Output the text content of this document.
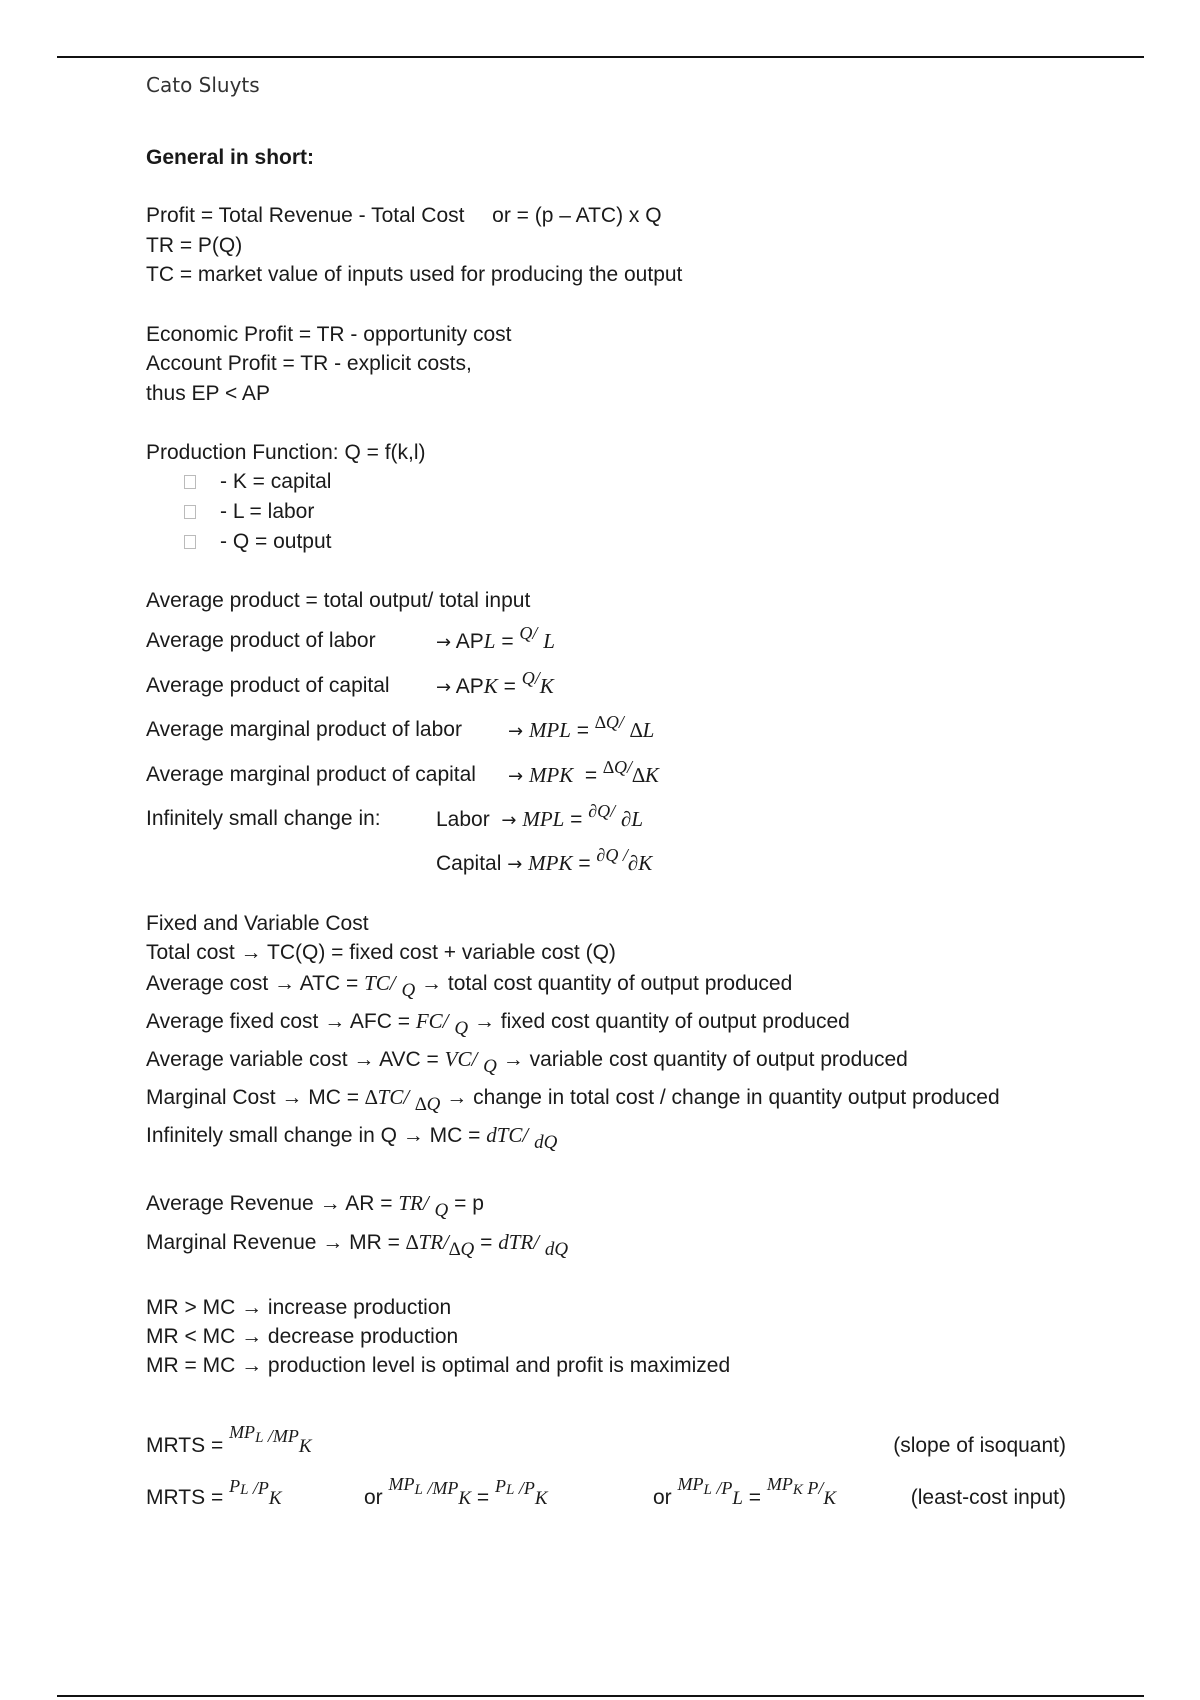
Cato Sluyts
General in short:
Profit = Total Revenue - Total Cost or = (p – ATC) x Q
TR = P(Q)
TC = market value of inputs used for producing the output
Economic Profit = TR - opportunity cost
Account Profit = TR - explicit costs,
thus EP < AP
Production Function: Q = f(k,l)
- K = capital
- L = labor
- Q = output
Average product = total output/ total input
Average product of labor	→ APL = Q/ L
Average product of capital	→ APK = Q/K
Average marginal product of labor	→ MPL = ∆Q/ ∆L
Average marginal product of capital → MPK  = ∆Q/∆K
Infinitely small change in:	Labor → MPL = ∂Q/ ∂L
Capital → MPK = ∂Q /∂K
Fixed and Variable Cost
Total cost → TC(Q) = fixed cost + variable cost (Q)
Average cost → ATC = TC/ Q → total cost quantity of output produced
Average fixed cost → AFC = FC/ Q → fixed cost quantity of output produced
Average variable cost → AVC = VC/ Q → variable cost quantity of output produced
Marginal Cost → MC = ∆TC/ ∆Q → change in total cost / change in quantity output produced
Infinitely small change in Q → MC = dTC/ dQ
Average Revenue → AR = TR/ Q = p
Marginal Revenue → MR = ∆TR/∆Q = dTR/ dQ
MR > MC → increase production
MR < MC → decrease production
MR = MC → production level is optimal and profit is maximized
MRTS = $MP^L$ /MPK	(slope of isoquant)
MRTS = $P^L$ /PK	or $MP^L$ $/MPK = P^L$ /PK	or $MP^L$ $/PL = MP^K$ P/K	(least-cost input)
